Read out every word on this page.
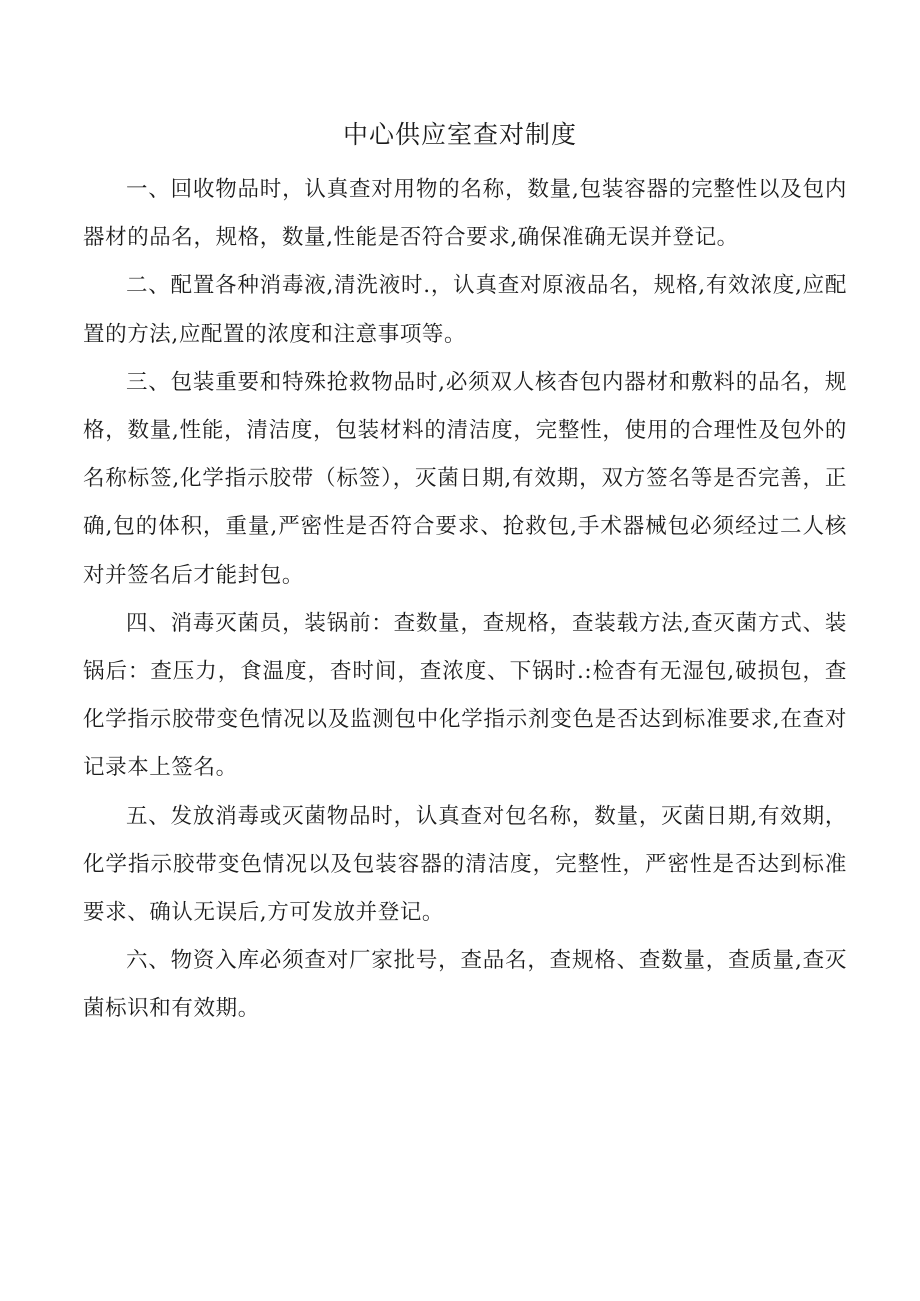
中心供应室查对制度

一、回收物品时，认真查对用物的名称，数量,包装容器的完整性以及包内器材的品名，规格，数量,性能是否符合要求,确保准确无误并登记。

二、配置各种消毒液,清洗液时.，认真查对原液品名，规格,有效浓度,应配置的方法,应配置的浓度和注意事项等。

三、包装重要和特殊抢救物品时,必须双人核杳包内器材和敷料的品名，规格，数量,性能，清洁度，包装材料的清洁度，完整性，使用的合理性及包外的名称标签,化学指示胶带（标签），灭菌日期,有效期，双方签名等是否完善，正确,包的体积，重量,严密性是否符合要求、抢救包,手术器械包必须经过二人核对并签名后才能封包。

四、消毒灭菌员，装锅前：查数量，查规格，查装载方法,查灭菌方式、装锅后：查压力，食温度，杳时间，查浓度、下锅时.:检杳有无湿包,破损包，查化学指示胶带变色情况以及监测包中化学指示剂变色是否达到标准要求,在查对记录本上签名。

五、发放消毒或灭菌物品时，认真查对包名称，数量，灭菌日期,有效期，化学指示胶带变色情况以及包装容器的清洁度，完整性，严密性是否达到标准要求、确认无误后,方可发放并登记。

六、物资入库必须查对厂家批号，查品名，查规格、查数量，查质量,查灭菌标识和有效期。
